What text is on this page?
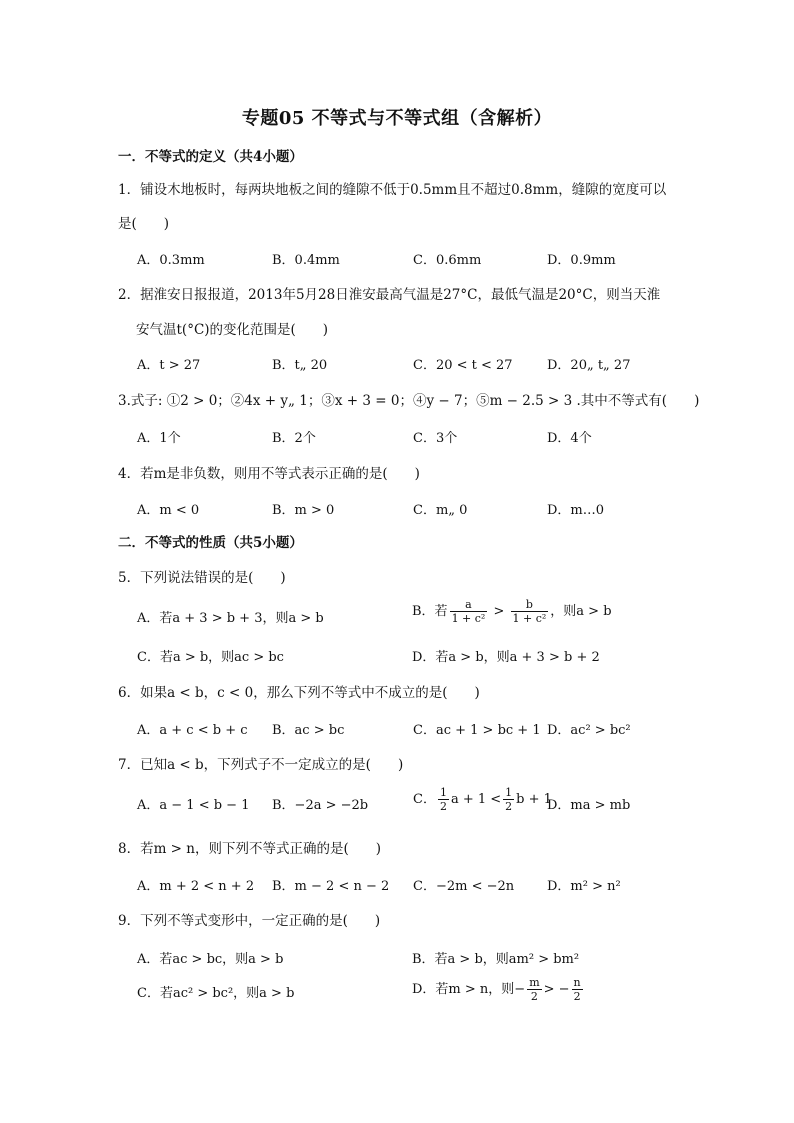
专题05 不等式与不等式组（含解析）
一．不等式的定义（共4小题）
1．铺设木地板时，每两块地板之间的缝隙不低于0.5mm且不超过0.8mm，缝隙的宽度可以
是(　　)
A．0.3mm	B．0.4mm	C．0.6mm	D．0.9mm
2．据淮安日报报道，2013年5月28日淮安最高气温是27°C，最低气温是20°C，则当天淮
安气温t(°C)的变化范围是(　　)
A．t > 27	B．t„ 20	C．20 < t < 27	D．20„ t„ 27
3.式子: ①2 > 0；②4x + y„ 1；③x + 3 = 0；④y − 7；⑤m − 2.5 > 3 .其中不等式有(　　)
A．1个	B．2个	C．3个	D．4个
4．若m是非负数，则用不等式表示正确的是(　　)
A．m < 0	B．m > 0	C．m„ 0	D．m…0
二．不等式的性质（共5小题）
5．下列说法错误的是(　　)
A．若a + 3 > b + 3，则a > b	B．若 $\frac{a}{\text{1 + c²}} > \frac{b}{\text{1 + c²}}$ ，则a > b
C．若a > b，则ac > bc	D．若a > b，则a + 3 > b + 2
6．如果a < b，c < 0，那么下列不等式中不成立的是(　　)
A．a + c < b + c B．ac > bc	C．ac + 1 > bc + 1 D．ac² > bc²
7．已知a < b，下列式子不一定成立的是(　　)
A．a − 1 < b − 1 B．−2a > −2b	C． $\frac{1}{2}$ $a + 1 < \frac{1}{2}$ b + 1
D．ma > mb
8．若m > n，则下列不等式正确的是(　　)
A．m + 2 < n + 2 B．m − 2 < n − 2 C．−2m < −2n	D．m² > n²
9．下列不等式变形中，一定正确的是(　　)
A．若ac > bc，则a > b	B．若a > b，则am² > bm²
C．若ac² > bc²，则a > b	D．若m > n，则− $\frac{m}{2}$ > − $\frac{n}{2}$
